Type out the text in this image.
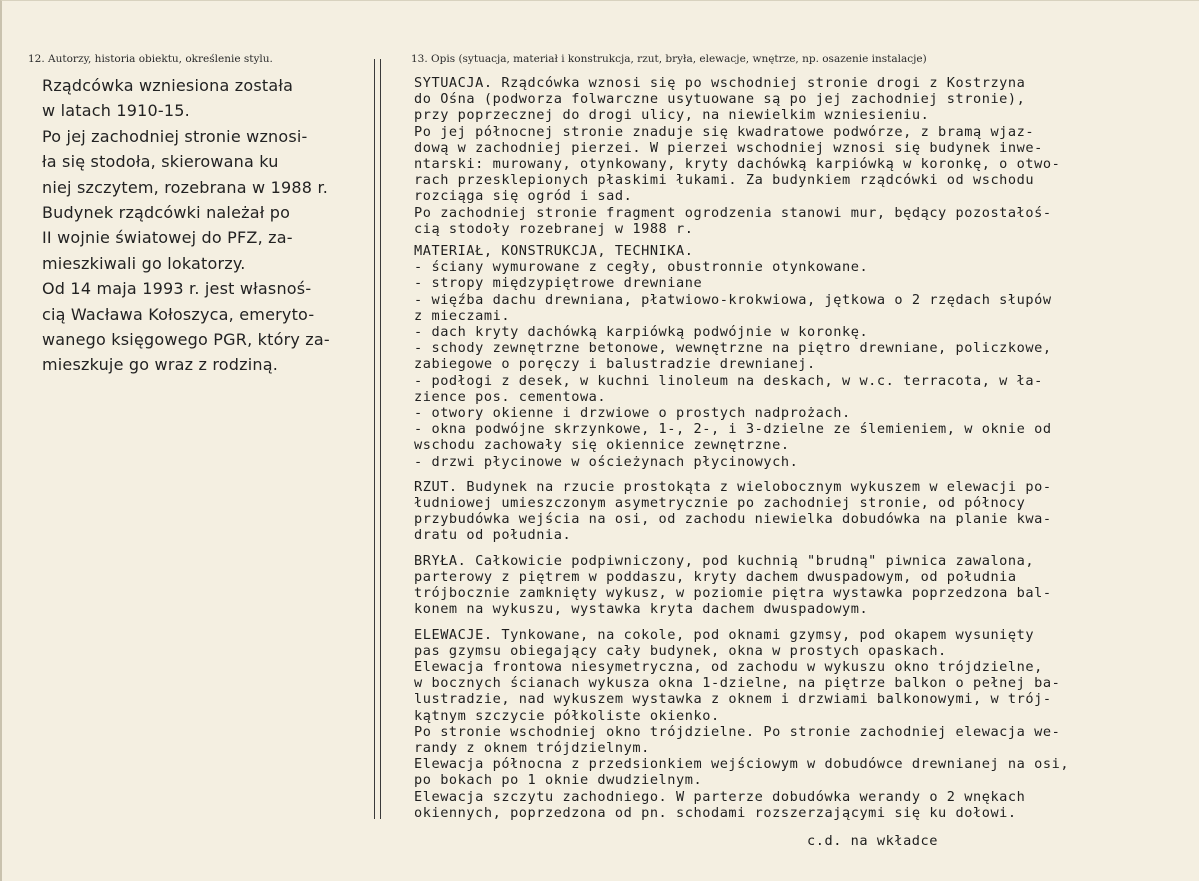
12. Autorzy, historia obiektu, określenie stylu.	13. Opis (sytuacja, materiał i konstrukcja, rzut, bryła, elewacje, wnętrze, np. osazenie instalacje)
Rządcówka wzniesiona została
w latach 1910-15.
Po jej zachodniej stronie wznosi-
ła się stodoła, skierowana ku
niej szczytem, rozebrana w 1988 r.
Budynek rządcówki należał po
II wojnie światowej do PFZ, za-
mieszkiwali go lokatorzy.
Od 14 maja 1993 r. jest własnoś-
cią Wacława Kołoszyca, emeryto-
wanego księgowego PGR, który za-
mieszkuje go wraz z rodziną.
SYTUACJA. Rządcówka wznosi się po wschodniej stronie drogi z Kostrzyna
do Ośna (podworza folwarczne usytuowane są po jej zachodniej stronie),
przy poprzecznej do drogi ulicy, na niewielkim wzniesieniu.
Po jej północnej stronie znaduje się kwadratowe podwórze, z bramą wjaz-
dową w zachodniej pierzei. W pierzei wschodniej wznosi się budynek inwe-
ntarski: murowany, otynkowany, kryty dachówką karpiówką w koronkę, o otwo-
rach przesklepionych płaskimi łukami. Za budynkiem rządcówki od wschodu
rozciąga się ogród i sad.
Po zachodniej stronie fragment ogrodzenia stanowi mur, będący pozostałoś-
cią stodoły rozebranej w 1988 r.
MATERIAŁ, KONSTRUKCJA, TECHNIKA.
- ściany wymurowane z cegły, obustronnie otynkowane.
- stropy międzypiętrowe drewniane
- więźba dachu drewniana, płatwiowo-krokwiowa, jętkowa o 2 rzędach słupów
z mieczami.
- dach kryty dachówką karpiówką podwójnie w koronkę.
- schody zewnętrzne betonowe, wewnętrzne na piętro drewniane, policzkowe,
zabiegowe o poręczy i balustradzie drewnianej.
- podłogi z desek, w kuchni linoleum na deskach, w w.c. terracota, w ła-
zience pos. cementowa.
- otwory okienne i drzwiowe o prostych nadprożach.
- okna podwójne skrzynkowe, 1-, 2-, i 3-dzielne ze ślemieniem, w oknie od
wschodu zachowały się okiennice zewnętrzne.
- drzwi płycinowe w ościeżynach płycinowych.
RZUT. Budynek na rzucie prostokąta z wielobocznym wykuszem w elewacji po-
łudniowej umieszczonym asymetrycznie po zachodniej stronie, od północy
przybudówka wejścia na osi, od zachodu niewielka dobudówka na planie kwa-
dratu od południa.
BRYŁA. Całkowicie podpiwniczony, pod kuchnią "brudną" piwnica zawalona,
parterowy z piętrem w poddaszu, kryty dachem dwuspadowym, od południa
trójbocznie zamknięty wykusz, w poziomie piętra wystawka poprzedzona bal-
konem na wykuszu, wystawka kryta dachem dwuspadowym.
ELEWACJE. Tynkowane, na cokole, pod oknami gzymsy, pod okapem wysunięty
pas gzymsu obiegający cały budynek, okna w prostych opaskach.
Elewacja frontowa niesymetryczna, od zachodu w wykuszu okno trójdzielne,
w bocznych ścianach wykusza okna 1-dzielne, na piętrze balkon o pełnej ba-
lustradzie, nad wykuszem wystawka z oknem i drzwiami balkonowymi, w trój-
kątnym szczycie półkoliste okienko.
Po stronie wschodniej okno trójdzielne. Po stronie zachodniej elewacja we-
randy z oknem trójdzielnym.
Elewacja północna z przedsionkiem wejściowym w dobudówce drewnianej na osi,
po bokach po 1 oknie dwudzielnym.
Elewacja szczytu zachodniego. W parterze dobudówka werandy o 2 wnękach
okiennych, poprzedzona od pn. schodami rozszerzającymi się ku dołowi.
c.d. na wkładce
